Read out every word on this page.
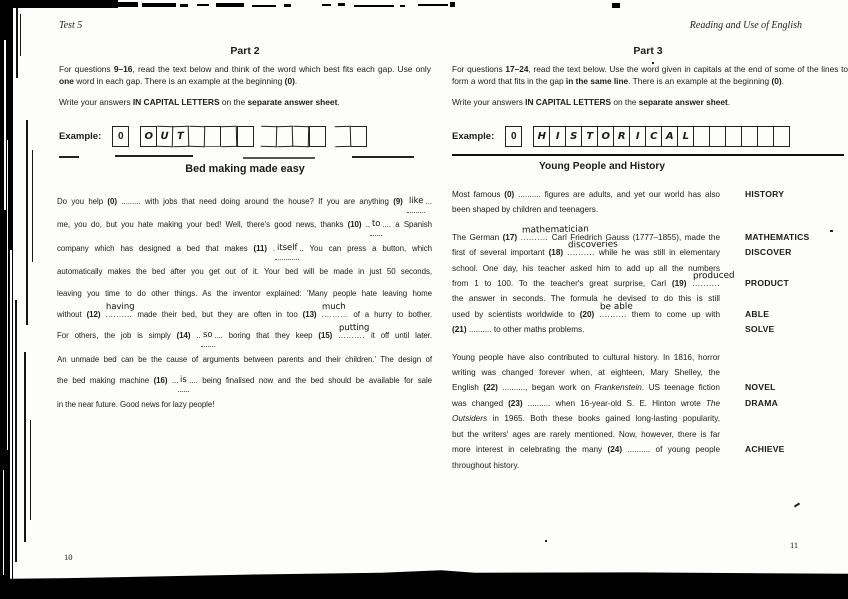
Test 5
Part 2

For questions 9–16, read the text below and think of the word which best fits each gap. Use only one word in each gap. There is an example at the beginning (0).

Write your answers IN CAPITAL LETTERS on the separate answer sheet.

Example:	0	O U T
Bed making made easy
Do you help (0) ......... with jobs that need doing around the house? If you are anything (9) like ...
me, you do, but you hate making your bed! Well, there's good news, thanks (10) .. to .... a Spanish
company which has designed a bed that makes (11) . itself .. You can press a button, which
automatically makes the bed after you get out of it. Your bed will be made in just 50 seconds,
leaving you time to do other things. As the inventor explained: 'Many people hate leaving home
without (12)
having
.......... made their bed, but they are often in too (13)
much
.......... of a hurry to bother.
For others, the job is simply (14) .. so .... boring that they keep (15)
putting
.......... it off until later.
An unmade bed can be the cause of arguments between parents and their children.' The design of
the bed making machine (16) ... is .... being finalised now and the bed should be available for sale
in the near future. Good news for lazy people!
10
Reading and Use of English
Part 3

For questions 17–24, read the text below. Use the word given in capitals at the end of some of the lines to form a word that fits in the gap in the same line. There is an example at the beginning (0).

Write your answers IN CAPITAL LETTERS on the separate answer sheet.

Example:	0	H I	S T O R	I	C A L
Young People and History
Most famous (0) .......... figures are adults, and yet our world has also	HISTORY
been shaped by children and teenagers.
The German (17)
mathematician
.......... Carl Friedrich Gauss (1777–1855), made the	MATHEMATICS
first of several important (18)
discoveries
.......... while he was still in elementary	DISCOVER
school. One day, his teacher asked him to add up all the numbers
from 1 to 100. To the teacher's great surprise, Carl (19)
produced
..........	PRODUCT
the answer in seconds. The formula he devised to do this is still
used by scientists worldwide to (20)
be able
.......... them to come up with	ABLE
(21) .......... to other maths problems.	SOLVE
Young people have also contributed to cultural history. In 1816, horror
writing was changed forever when, at eighteen, Mary Shelley, the
English (22) .........., began work on Frankenstein. US teenage fiction	NOVEL
was changed (23) .......... when 16-year-old S. E. Hinton wrote The	DRAMA
Outsiders in 1965. Both these books gained long-lasting popularity,
but the writers' ages are rarely mentioned. Now, however, there is far
more interest in celebrating the many (24) .......... of young people	ACHIEVE
throughout history.
11
